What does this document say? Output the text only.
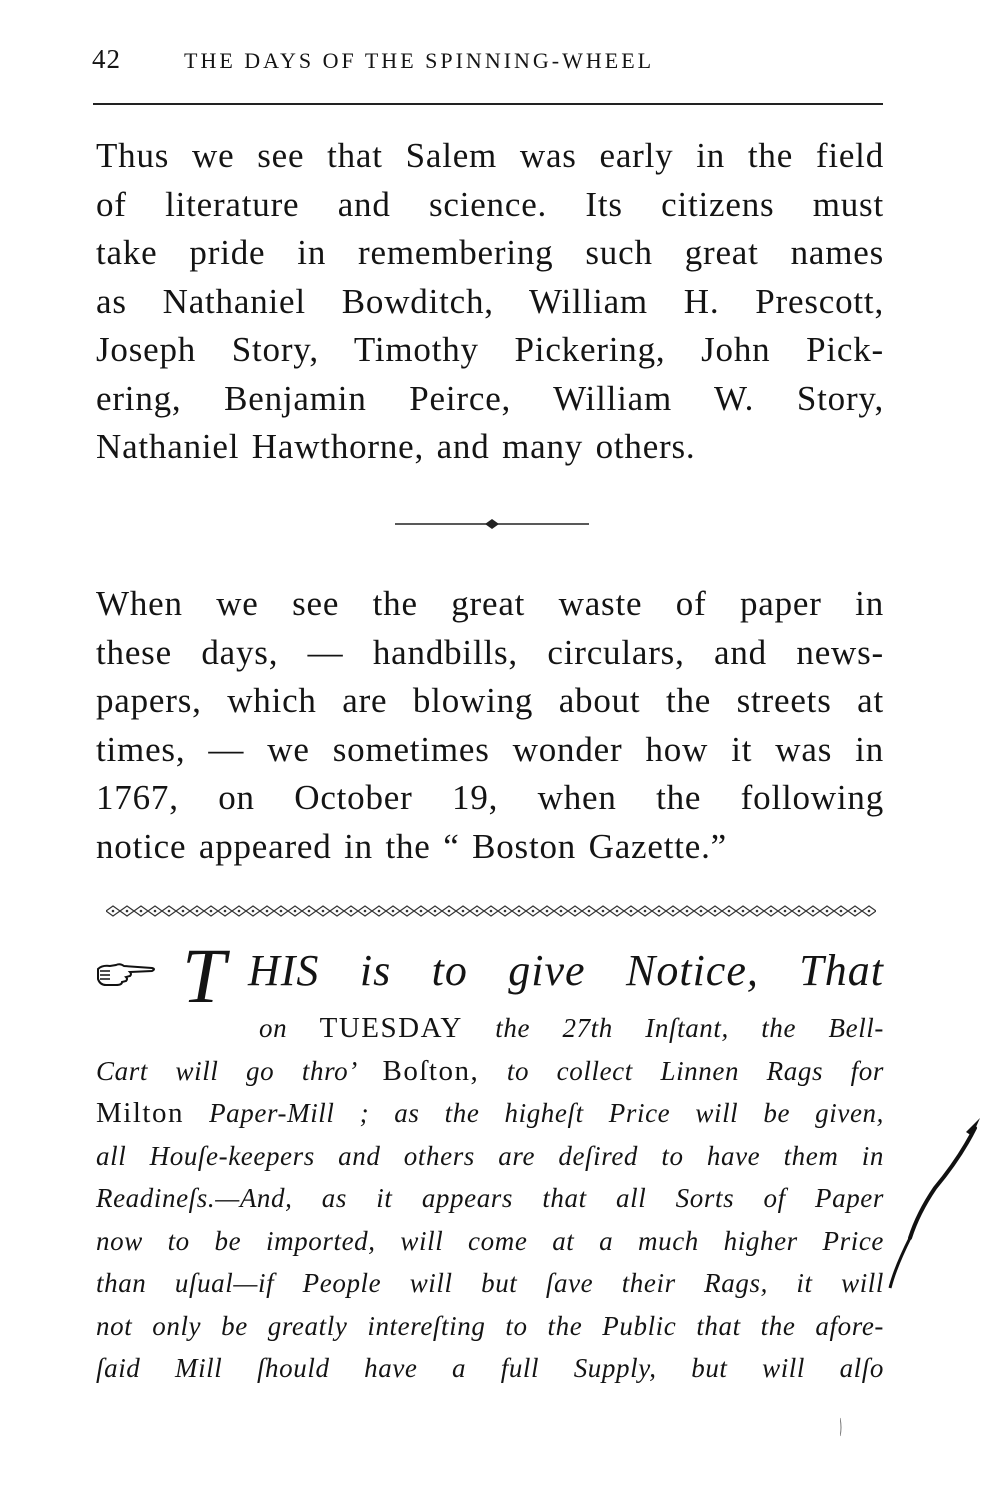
42	THE DAYS OF THE SPINNING-WHEEL
Thus we see that Salem was early in the field
of literature and science. Its citizens must
take pride in remembering such great names
as Nathaniel Bowditch, William H. Prescott,
Joseph Story, Timothy Pickering, John Pick-
ering, Benjamin Peirce, William W. Story,
Nathaniel Hawthorne, and many others.
When we see the great waste of paper in
these days, — handbills, circulars, and news-
papers, which are blowing about the streets at
times, — we sometimes wonder how it was in
1767, on October 19, when the following
notice appeared in the “ Boston Gazette.”
T HIS is to give Notice, That
on TUESDAY the 27th Inſtant, the Bell-
Cart will go thro’ Boſton, to collect Linnen Rags for
Milton Paper-Mill ; as the higheſt Price will be given,
all Houſe-keepers and others are deſired to have them in
Readineſs.—And, as it appears that all Sorts of Paper
now to be imported, will come at a much higher Price
than uſual—if People will but ſave their Rags, it will
not only be greatly intereſting to the Public that the afore-
ſaid Mill ſhould have a full Supply, but will alſo
